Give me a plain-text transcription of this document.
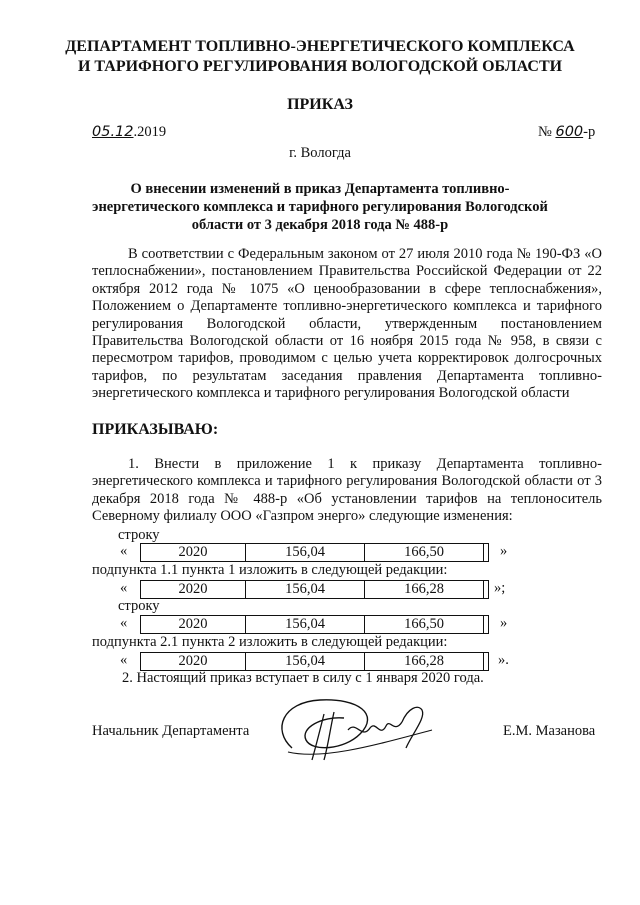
ДЕПАРТАМЕНТ ТОПЛИВНО-ЭНЕРГЕТИЧЕСКОГО КОМПЛЕКСА
И ТАРИФНОГО РЕГУЛИРОВАНИЯ ВОЛОГОДСКОЙ ОБЛАСТИ
ПРИКАЗ
05.12.2019	№ 600-р
г. Вологда
О внесении изменений в приказ Департамента топливно-
энергетического комплекса и тарифного регулирования Вологодской
области от 3 декабря 2018 года № 488-р

В соответствии с Федеральным законом от 27 июля 2010 года № 190-ФЗ «О теплоснабжении», постановлением Правительства Российской Федерации от 22 октября 2012 года № 1075 «О ценообразовании в сфере теплоснабжения», Положением о Департаменте топливно-энергетического комплекса и тарифного регулирования Вологодской области, утвержденным постановлением Правительства Вологодской области от 16 ноября 2015 года № 958, в связи с пересмотром тарифов, проводимом с целью учета корректировок долгосрочных тарифов, по результатам заседания правления Департамента топливно-энергетического комплекса и тарифного регулирования Вологодской области

ПРИКАЗЫВАЮ:

1. Внести в приложение 1 к приказу Департамента топливно-энергетического комплекса и тарифного регулирования Вологодской области от 3 декабря 2018 года № 488-р «Об установлении тарифов на теплоноситель Северному филиалу ООО «Газпром энерго» следующие изменения:

строку
«	2020	156,04	166,50		»
подпункта 1.1 пункта 1 изложить в следующей редакции:
«	2020	156,04	166,28		»;
строку
«	2020	156,04	166,50		»
подпункта 2.1 пункта 2 изложить в следующей редакции:
«	2020	156,04	166,28		».
2. Настоящий приказ вступает в силу с 1 января 2020 года.
Начальник Департамента	Е.М. Мазанова
